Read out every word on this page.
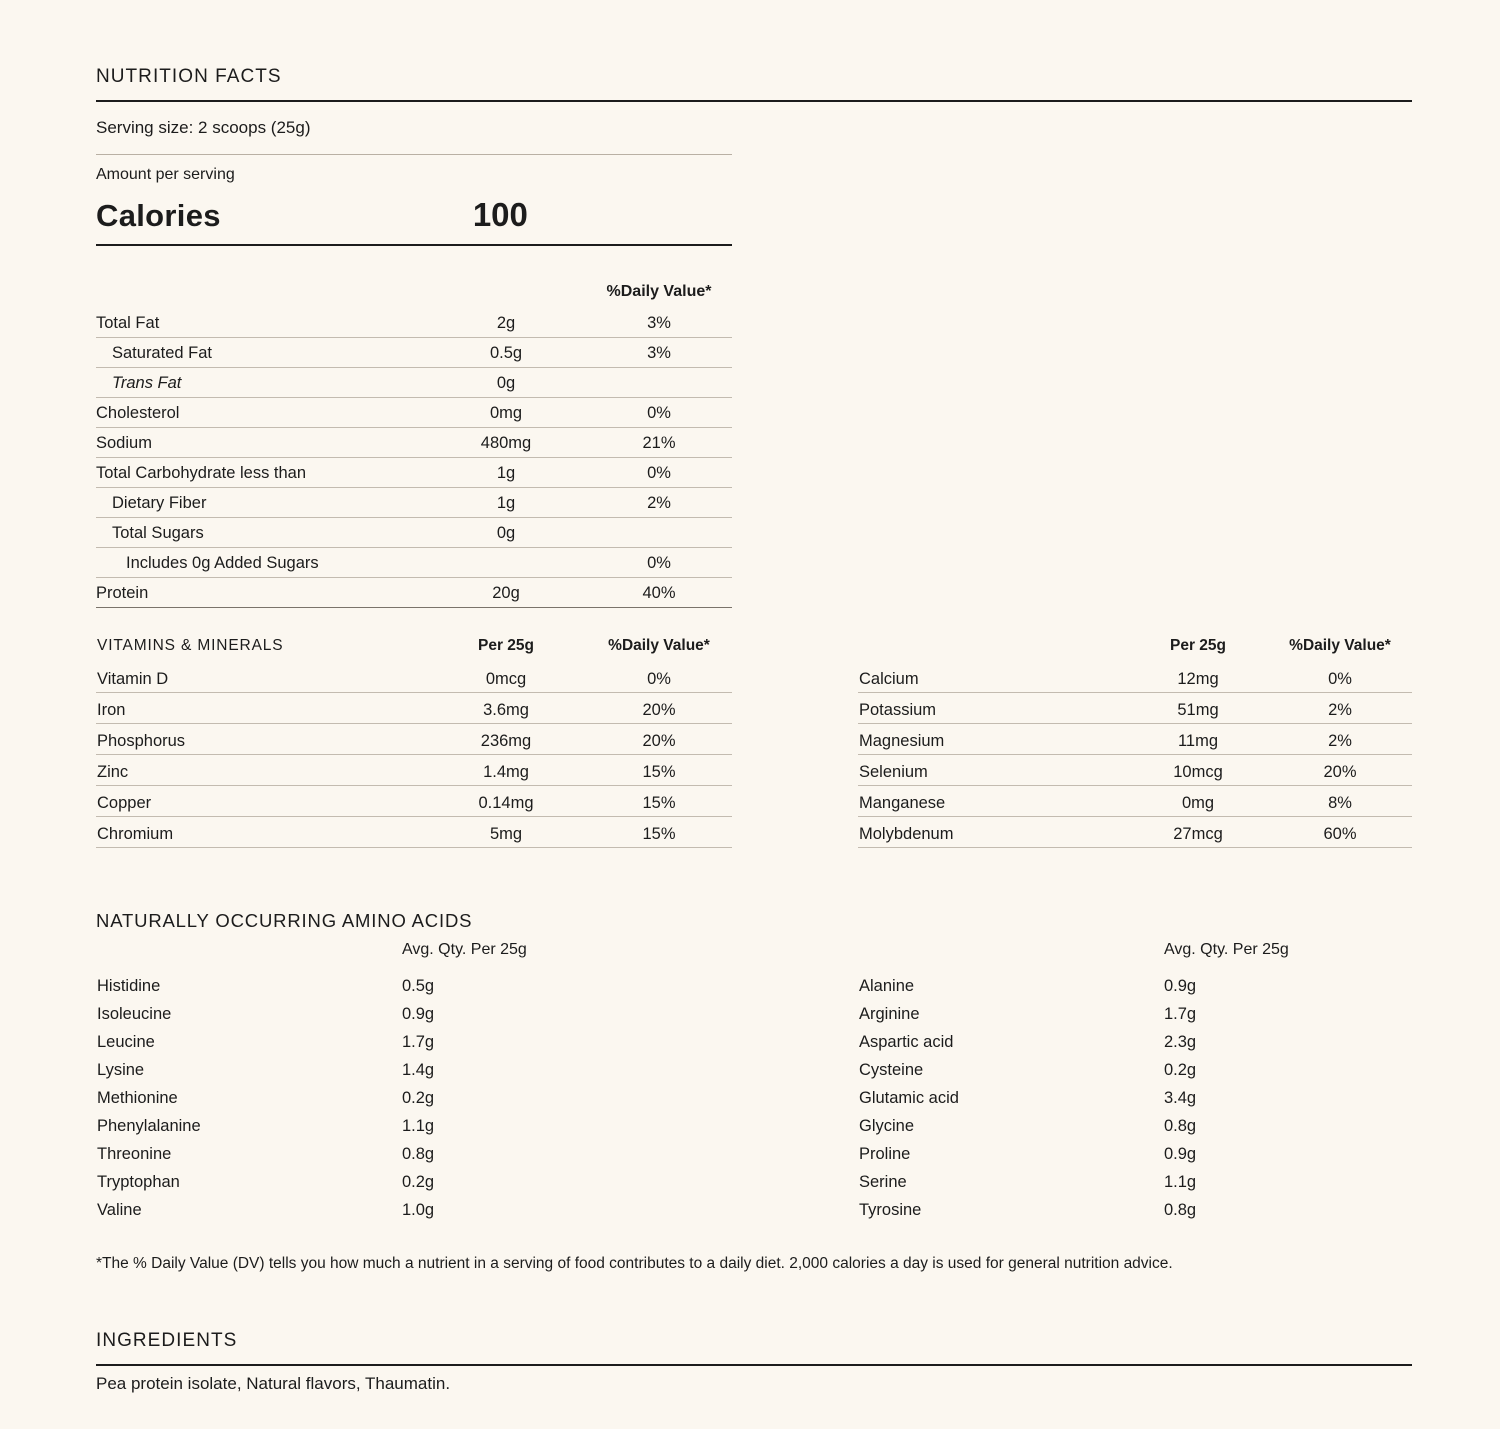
NUTRITION FACTS
Serving size: 2 scoops (25g)
Amount per serving
Calories	100
		%Daily Value*
Total Fat	2g	3%
Saturated Fat	0.5g	3%
Trans Fat	0g	
Cholesterol	0mg	0%
Sodium	480mg	21%
Total Carbohydrate less than	1g	0%
Dietary Fiber	1g	2%
Total Sugars	0g	
Includes 0g Added Sugars		0%
Protein	20g	40%
VITAMINS & MINERALS	Per 25g	%Daily Value*
Vitamin D	0mcg	0%
Iron	3.6mg	20%
Phosphorus	236mg	20%
Zinc	1.4mg	15%
Copper	0.14mg	15%
Chromium	5mg	15%
	Per 25g	%Daily Value*
Calcium	12mg	0%
Potassium	51mg	2%
Magnesium	11mg	2%
Selenium	10mcg	20%
Manganese	0mg	8%
Molybdenum	27mcg	60%
NATURALLY OCCURRING AMINO ACIDS
	Avg. Qty. Per 25g
Histidine	0.5g
Isoleucine	0.9g
Leucine	1.7g
Lysine	1.4g
Methionine	0.2g
Phenylalanine	1.1g
Threonine	0.8g
Tryptophan	0.2g
Valine	1.0g
	Avg. Qty. Per 25g
Alanine	0.9g
Arginine	1.7g
Aspartic acid	2.3g
Cysteine	0.2g
Glutamic acid	3.4g
Glycine	0.8g
Proline	0.9g
Serine	1.1g
Tyrosine	0.8g
*The % Daily Value (DV) tells you how much a nutrient in a serving of food contributes to a daily diet. 2,000 calories a day is used for general nutrition advice.
INGREDIENTS
Pea protein isolate, Natural flavors, Thaumatin.
